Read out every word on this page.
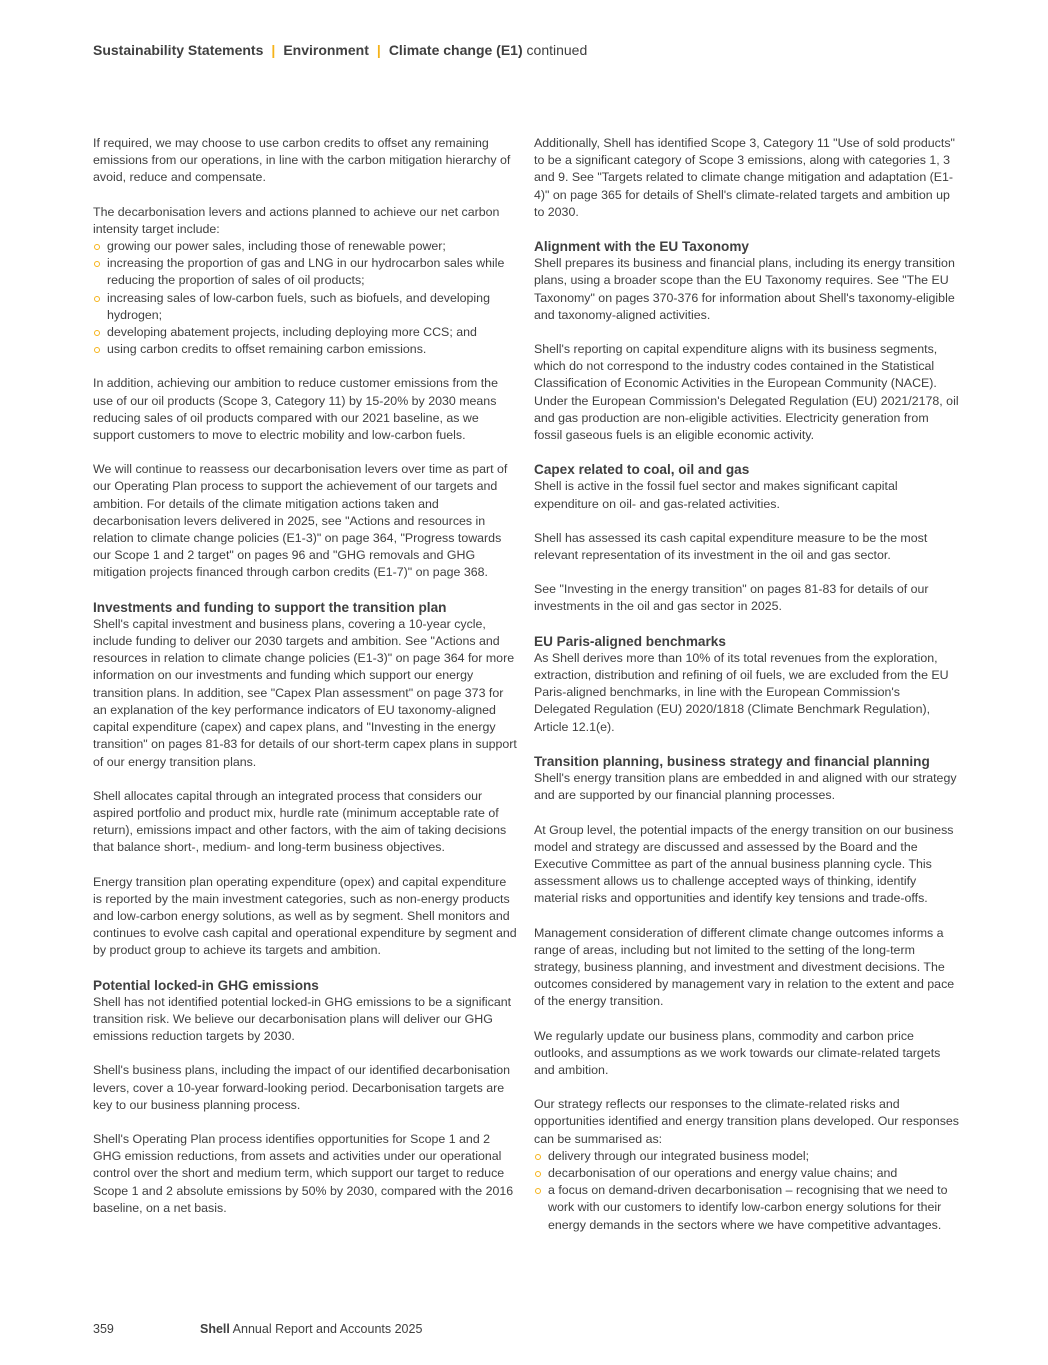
Sustainability Statements | Environment | Climate change (E1) continued

If required, we may choose to use carbon credits to offset any remaining emissions from our operations, in line with the carbon mitigation hierarchy of avoid, reduce and compensate.

The decarbonisation levers and actions planned to achieve our net carbon intensity target include:

growing our power sales, including those of renewable power;
increasing the proportion of gas and LNG in our hydrocarbon sales while reducing the proportion of sales of oil products;
increasing sales of low-carbon fuels, such as biofuels, and developing hydrogen;
developing abatement projects, including deploying more CCS; and
using carbon credits to offset remaining carbon emissions.

In addition, achieving our ambition to reduce customer emissions from the use of our oil products (Scope 3, Category 11) by 15-20% by 2030 means reducing sales of oil products compared with our 2021 baseline, as we support customers to move to electric mobility and low-carbon fuels.

We will continue to reassess our decarbonisation levers over time as part of our Operating Plan process to support the achievement of our targets and ambition. For details of the climate mitigation actions taken and decarbonisation levers delivered in 2025, see "Actions and resources in relation to climate change policies (E1-3)" on page 364, "Progress towards our Scope 1 and 2 target" on pages 96 and "GHG removals and GHG mitigation projects financed through carbon credits (E1-7)" on page 368.

Investments and funding to support the transition plan

Shell's capital investment and business plans, covering a 10-year cycle, include funding to deliver our 2030 targets and ambition. See "Actions and resources in relation to climate change policies (E1-3)" on page 364 for more information on our investments and funding which support our energy transition plans. In addition, see "Capex Plan assessment" on page 373 for an explanation of the key performance indicators of EU taxonomy-aligned capital expenditure (capex) and capex plans, and "Investing in the energy transition" on pages 81-83 for details of our short-term capex plans in support of our energy transition plans.

Shell allocates capital through an integrated process that considers our aspired portfolio and product mix, hurdle rate (minimum acceptable rate of return), emissions impact and other factors, with the aim of taking decisions that balance short-, medium- and long-term business objectives.

Energy transition plan operating expenditure (opex) and capital expenditure is reported by the main investment categories, such as non-energy products and low-carbon energy solutions, as well as by segment. Shell monitors and continues to evolve cash capital and operational expenditure by segment and by product group to achieve its targets and ambition.

Potential locked-in GHG emissions

Shell has not identified potential locked-in GHG emissions to be a significant transition risk. We believe our decarbonisation plans will deliver our GHG emissions reduction targets by 2030.

Shell's business plans, including the impact of our identified decarbonisation levers, cover a 10-year forward-looking period. Decarbonisation targets are key to our business planning process.

Shell's Operating Plan process identifies opportunities for Scope 1 and 2 GHG emission reductions, from assets and activities under our operational control over the short and medium term, which support our target to reduce Scope 1 and 2 absolute emissions by 50% by 2030, compared with the 2016 baseline, on a net basis.

Additionally, Shell has identified Scope 3, Category 11 "Use of sold products" to be a significant category of Scope 3 emissions, along with categories 1, 3 and 9. See "Targets related to climate change mitigation and adaptation (E1-4)" on page 365 for details of Shell's climate-related targets and ambition up to 2030.

Alignment with the EU Taxonomy

Shell prepares its business and financial plans, including its energy transition plans, using a broader scope than the EU Taxonomy requires. See "The EU Taxonomy" on pages 370-376 for information about Shell's taxonomy-eligible and taxonomy-aligned activities.

Shell's reporting on capital expenditure aligns with its business segments, which do not correspond to the industry codes contained in the Statistical Classification of Economic Activities in the European Community (NACE). Under the European Commission's Delegated Regulation (EU) 2021/2178, oil and gas production are non-eligible activities. Electricity generation from fossil gaseous fuels is an eligible economic activity.

Capex related to coal, oil and gas

Shell is active in the fossil fuel sector and makes significant capital expenditure on oil- and gas-related activities.

Shell has assessed its cash capital expenditure measure to be the most relevant representation of its investment in the oil and gas sector.

See "Investing in the energy transition" on pages 81-83 for details of our investments in the oil and gas sector in 2025.

EU Paris-aligned benchmarks

As Shell derives more than 10% of its total revenues from the exploration, extraction, distribution and refining of oil fuels, we are excluded from the EU Paris-aligned benchmarks, in line with the European Commission's Delegated Regulation (EU) 2020/1818 (Climate Benchmark Regulation), Article 12.1(e).

Transition planning, business strategy and financial planning

Shell's energy transition plans are embedded in and aligned with our strategy and are supported by our financial planning processes.

At Group level, the potential impacts of the energy transition on our business model and strategy are discussed and assessed by the Board and the Executive Committee as part of the annual business planning cycle. This assessment allows us to challenge accepted ways of thinking, identify material risks and opportunities and identify key tensions and trade-offs.

Management consideration of different climate change outcomes informs a range of areas, including but not limited to the setting of the long-term strategy, business planning, and investment and divestment decisions. The outcomes considered by management vary in relation to the extent and pace of the energy transition.

We regularly update our business plans, commodity and carbon price outlooks, and assumptions as we work towards our climate-related targets and ambition.

Our strategy reflects our responses to the climate-related risks and opportunities identified and energy transition plans developed. Our responses can be summarised as:

delivery through our integrated business model;
decarbonisation of our operations and energy value chains; and
a focus on demand-driven decarbonisation – recognising that we need to work with our customers to identify low-carbon energy solutions for their energy demands in the sectors where we have competitive advantages.
359	Shell Annual Report and Accounts 2025
